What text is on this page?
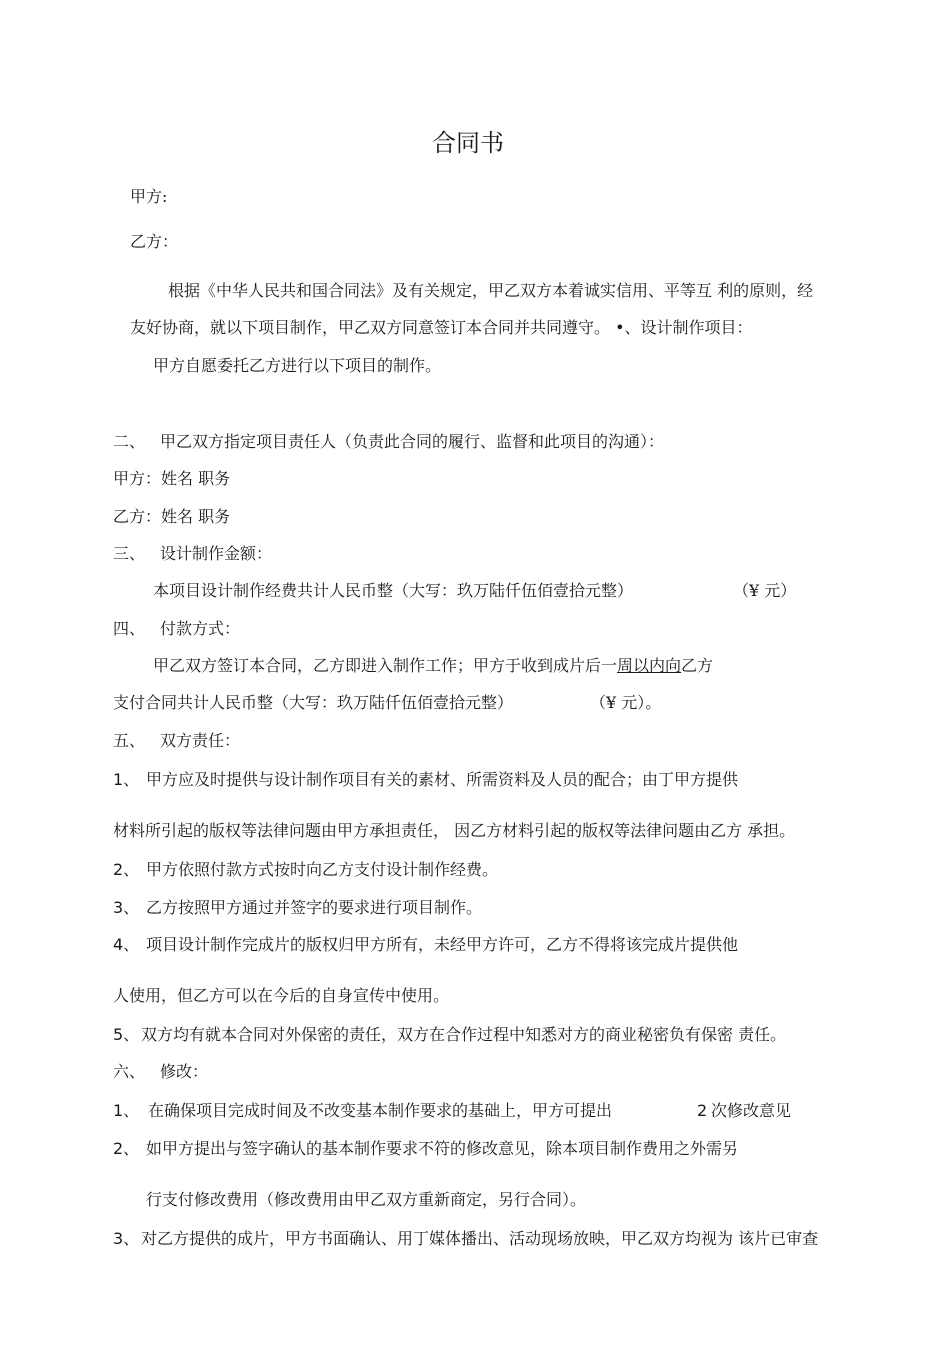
合同书
甲方:
乙方：
根据《中华人民共和国合同法》及有关规定，甲乙双方本着诚实信用、平等互 利的原则，经
友好协商，就以下项目制作，甲乙双方同意签订本合同并共同遵守。 •、设计制作项目：
甲方自愿委托乙方进行以下项目的制作。
二、 甲乙双方指定项目责任人（负责此合同的履行、监督和此项目的沟通）：
甲方：姓名 职务
乙方：姓名 职务
三、 设计制作金额：
本项目设计制作经费共计人民币整（大写：玖万陆仟伍佰壹拾元整）	（¥ 元）
四、 付款方式：
甲乙双方签订本合同，乙方即进入制作工作；甲方于收到成片后一周以内向乙方
支付合同共计人民币整（大写：玖万陆仟伍佰壹拾元整）	（¥ 元）。
五、 双方责任：
1、 甲方应及时提供与设计制作项目有关的素材、所需资料及人员的配合；由丁甲方提供
材料所引起的版权等法律问题由甲方承担责任， 因乙方材料引起的版权等法律问题由乙方 承担。
2、 甲方依照付款方式按时向乙方支付设计制作经费。
3、 乙方按照甲方通过并签字的要求进行项目制作。
4、 项目设计制作完成片的版权归甲方所有，未经甲方许可，乙方不得将该完成片提供他
人使用，但乙方可以在今后的自身宣传中使用。
5、 双方均有就本合同对外保密的责任，双方在合作过程中知悉对方的商业秘密负有保密 责任。
六、 修改：
1、 在确保项目完成时间及不改变基本制作要求的基础上，甲方可提出	2 次修改意见
2、 如甲方提出与签字确认的基本制作要求不符的修改意见，除本项目制作费用之外需另
行支付修改费用（修改费用由甲乙双方重新商定，另行合同）。
3、 对乙方提供的成片，甲方书面确认、用丁媒体播出、活动现场放映，甲乙双方均视为 该片已审查
